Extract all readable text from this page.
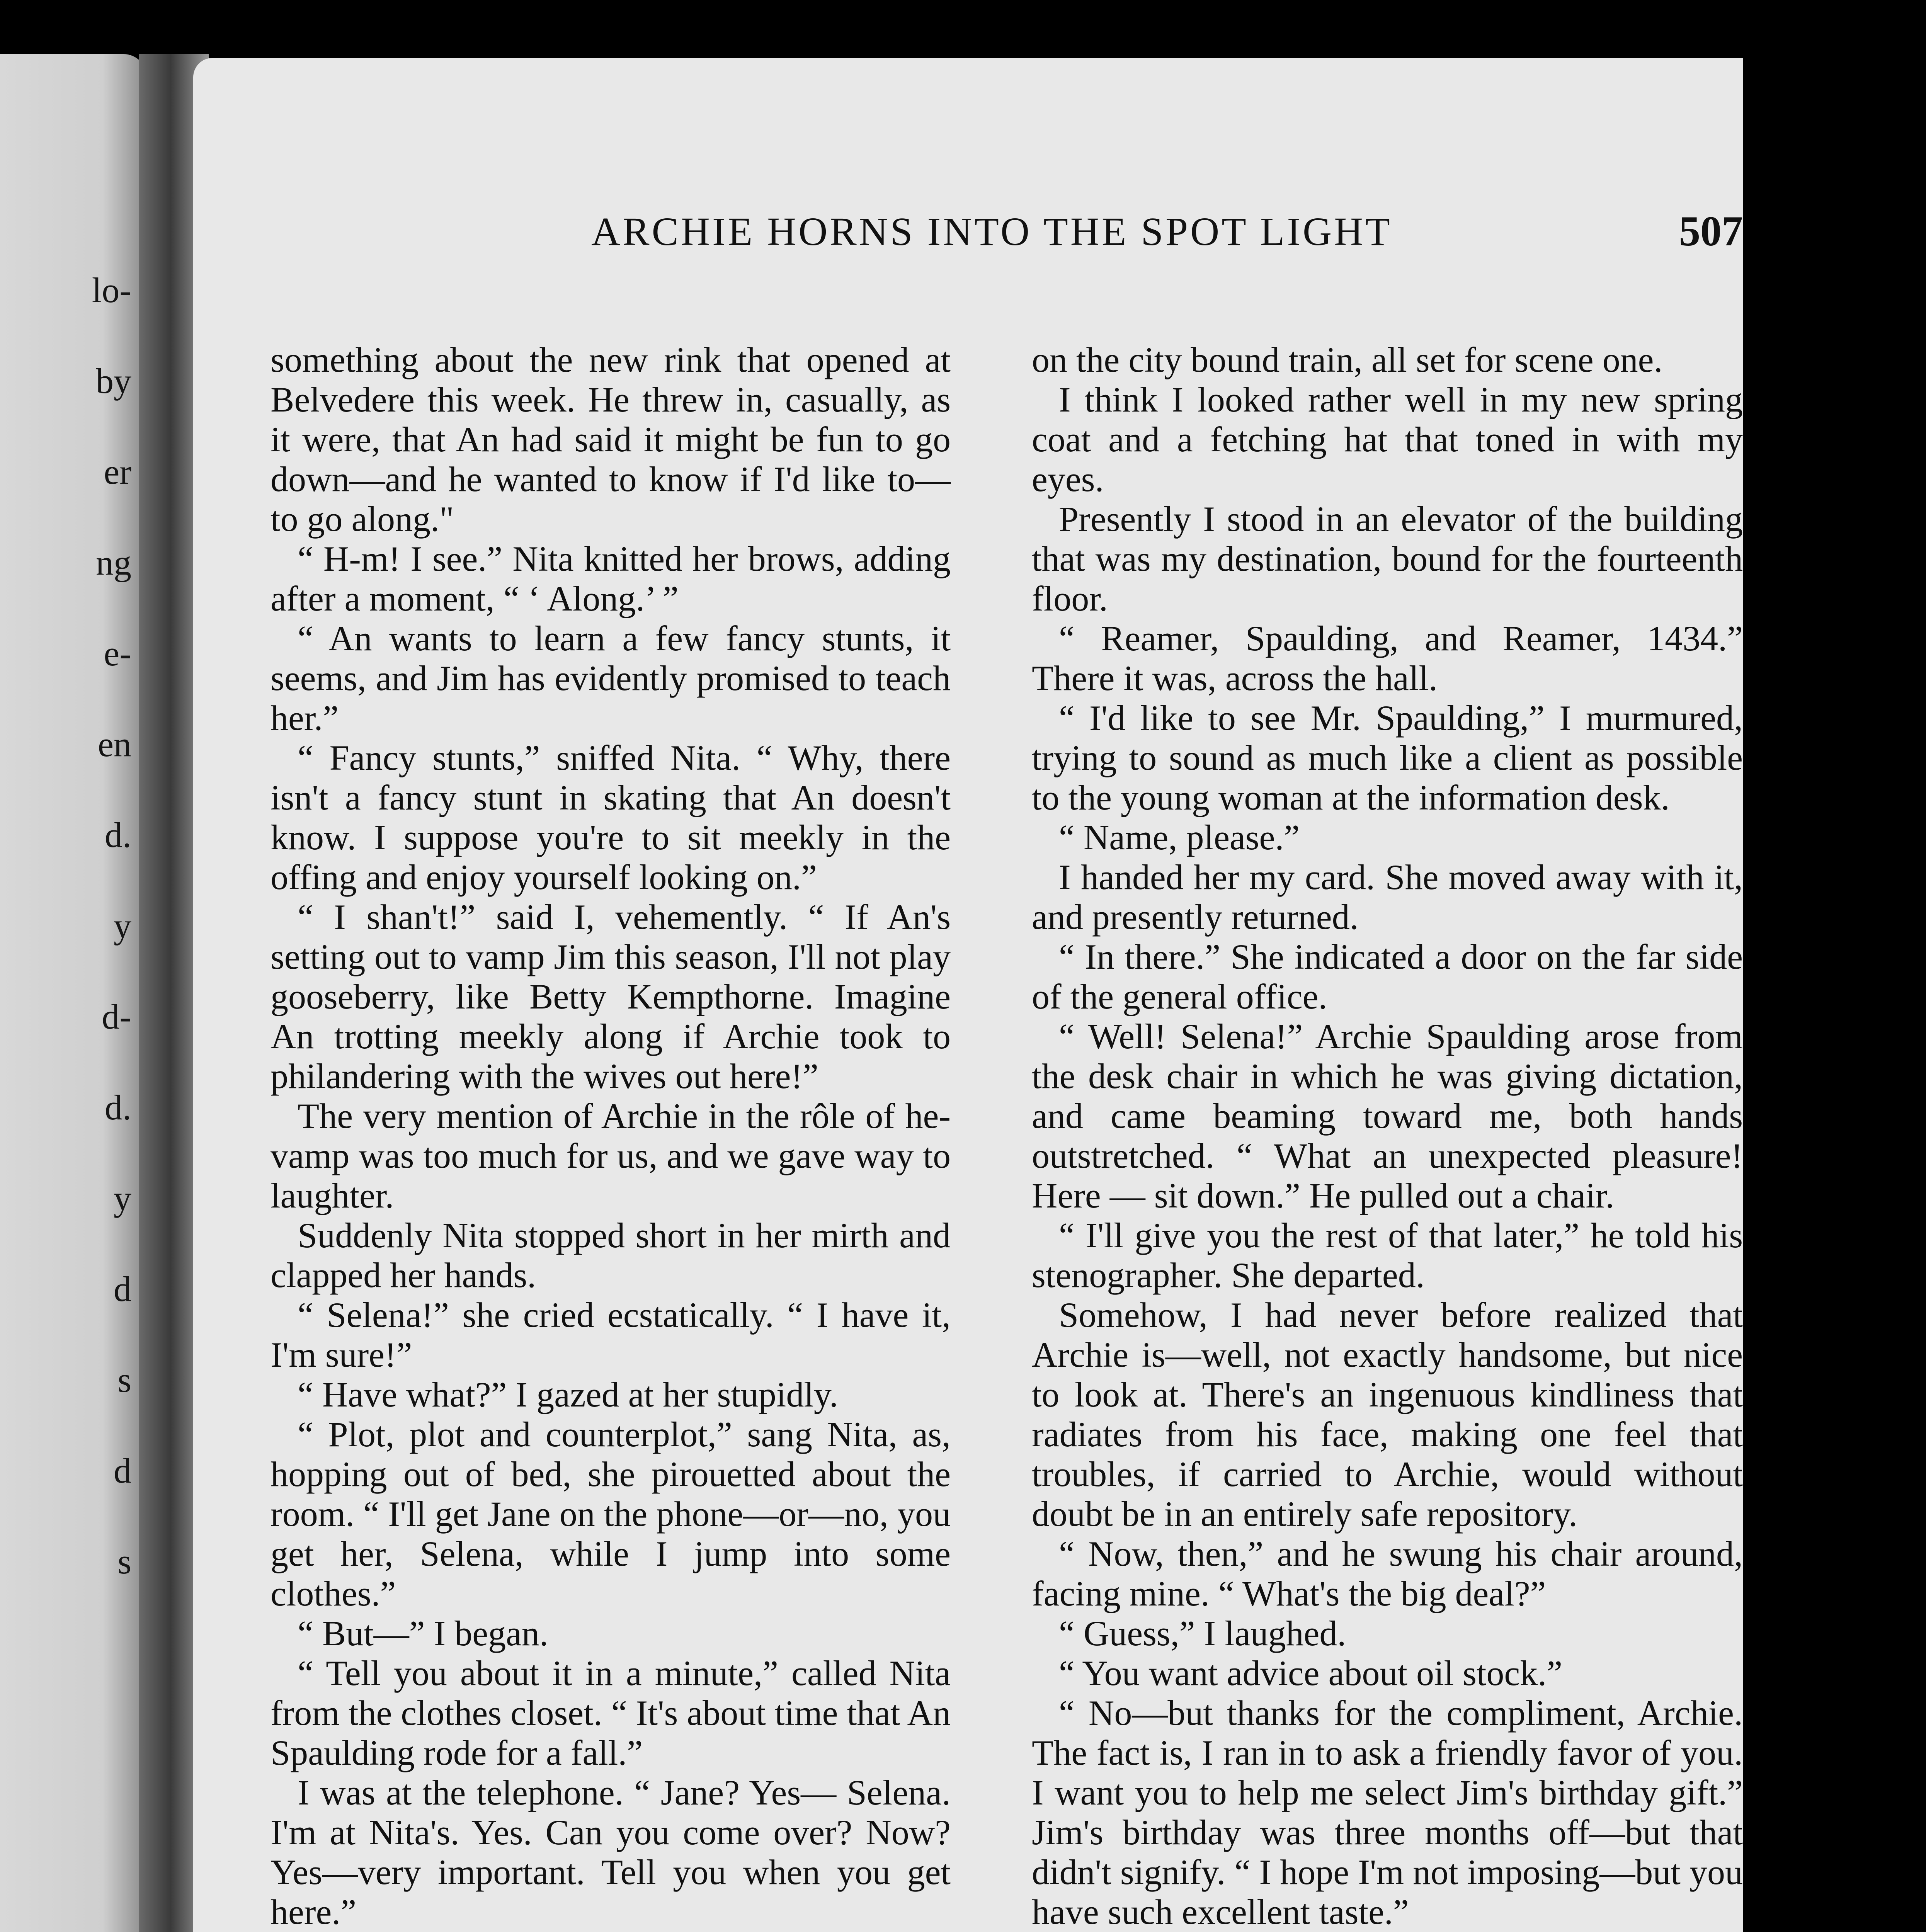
lo-
by
er
ng
e-
en
d.
y
d-
d.
y
d
s
d
s
ARCHIE HORNS INTO THE SPOT LIGHT	507

something about the new rink that opened at Belvedere this week. He threw in, casually, as it were, that An had said it might be fun to go down—and he wanted to know if I'd like to—to go along."

“ H-m! I see.” Nita knitted her brows, adding after a moment, “ ‘ Along.’ ”

“ An wants to learn a few fancy stunts, it seems, and Jim has evidently promised to teach her.”

“ Fancy stunts,” sniffed Nita. “ Why, there isn't a fancy stunt in skating that An doesn't know. I suppose you're to sit meekly in the offing and enjoy yourself looking on.”

“ I shan't!” said I, vehemently. “ If An's setting out to vamp Jim this season, I'll not play gooseberry, like Betty Kempthorne. Imagine An trotting meekly along if Archie took to philandering with the wives out here!”

The very mention of Archie in the rôle of he-vamp was too much for us, and we gave way to laughter.

Suddenly Nita stopped short in her mirth and clapped her hands.

“ Selena!” she cried ecstatically. “ I have it, I'm sure!”

“ Have what?” I gazed at her stupidly.

“ Plot, plot and counterplot,” sang Nita, as, hopping out of bed, she pirouetted about the room. “ I'll get Jane on the phone—or—no, you get her, Selena, while I jump into some clothes.”

“ But—” I began.

“ Tell you about it in a minute,” called Nita from the clothes closet. “ It's about time that An Spaulding rode for a fall.”

I was at the telephone. “ Jane? Yes— Selena. I'm at Nita's. Yes. Can you come over? Now? Yes—very important. Tell you when you get here.”

on the city bound train, all set for scene one.

I think I looked rather well in my new spring coat and a fetching hat that toned in with my eyes.

Presently I stood in an elevator of the building that was my destination, bound for the fourteenth floor.

“ Reamer, Spaulding, and Reamer, 1434.” There it was, across the hall.

“ I'd like to see Mr. Spaulding,” I murmured, trying to sound as much like a client as possible to the young woman at the information desk.

“ Name, please.”

I handed her my card. She moved away with it, and presently returned.

“ In there.” She indicated a door on the far side of the general office.

“ Well! Selena!” Archie Spaulding arose from the desk chair in which he was giving dictation, and came beaming toward me, both hands outstretched. “ What an unexpected pleasure! Here — sit down.” He pulled out a chair.

“ I'll give you the rest of that later,” he told his stenographer. She departed.

Somehow, I had never before realized that Archie is—well, not exactly handsome, but nice to look at. There's an ingenuous kindliness that radiates from his face, making one feel that troubles, if carried to Archie, would without doubt be in an entirely safe repository.

“ Now, then,” and he swung his chair around, facing mine. “ What's the big deal?”

“ Guess,” I laughed.

“ You want advice about oil stock.”

“ No—but thanks for the compliment, Archie. The fact is, I ran in to ask a friendly favor of you. I want you to help me select Jim's birthday gift.” Jim's birthday was three months off—but that didn't signify. “ I hope I'm not imposing—but you have such excellent taste.”
